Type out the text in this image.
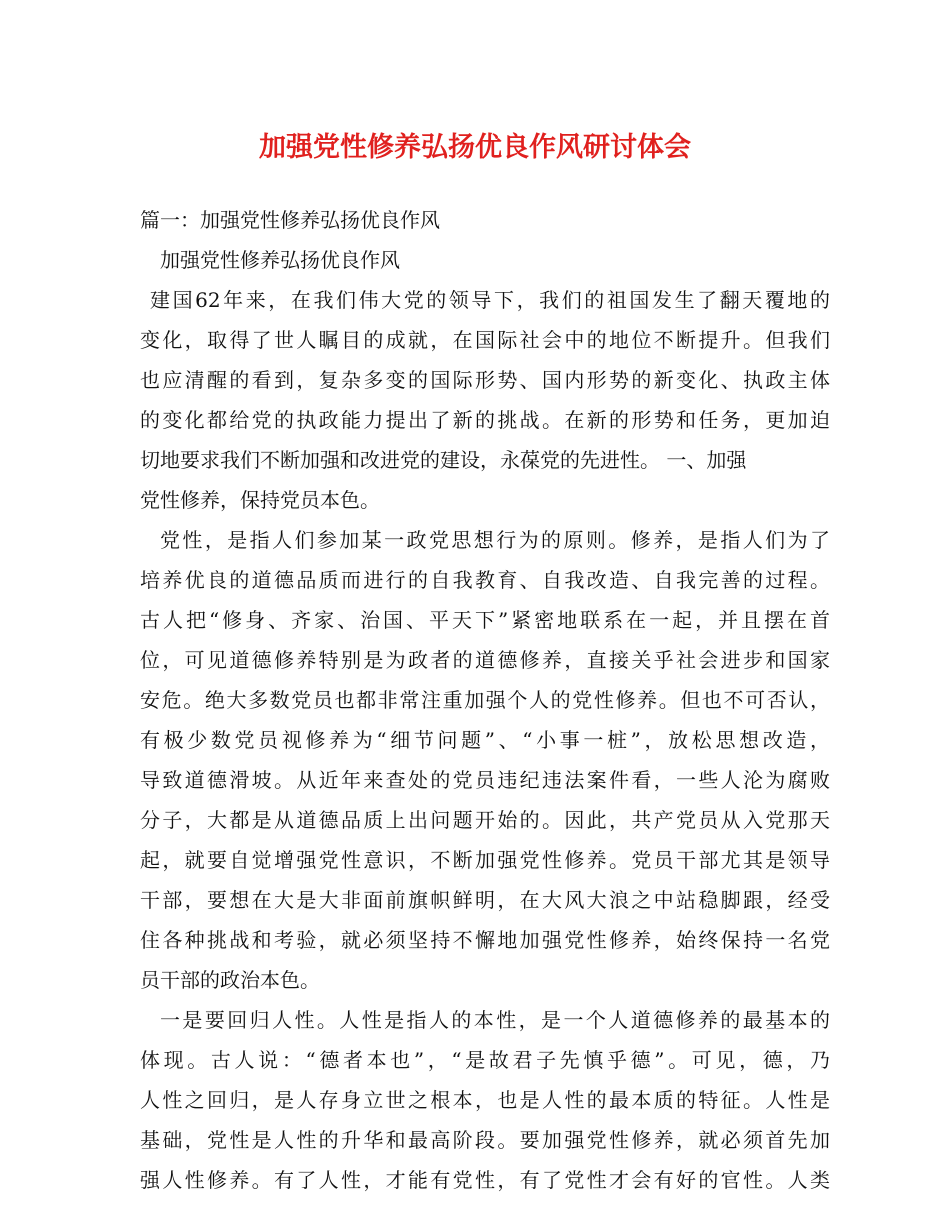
加强党性修养弘扬优良作风研讨体会

篇一：加强党性修养弘扬优良作风

加强党性修养弘扬优良作风

建国62年来，在我们伟大党的领导下，我们的祖国发生了翻天覆地的

变化，取得了世人瞩目的成就，在国际社会中的地位不断提升。但我们

也应清醒的看到，复杂多变的国际形势、国内形势的新变化、执政主体

的变化都给党的执政能力提出了新的挑战。在新的形势和任务，更加迫

切地要求我们不断加强和改进党的建设，永葆党的先进性。 一、加强

党性修养，保持党员本色。

党性，是指人们参加某一政党思想行为的原则。修养，是指人们为了

培养优良的道德品质而进行的自我教育、自我改造、自我完善的过程。

古人把“修身、齐家、治国、平天下”紧密地联系在一起，并且摆在首

位，可见道德修养特别是为政者的道德修养，直接关乎社会进步和国家

安危。绝大多数党员也都非常注重加强个人的党性修养。但也不可否认，

有极少数党员视修养为“细节问题”、“小事一桩”，放松思想改造，

导致道德滑坡。从近年来查处的党员违纪违法案件看，一些人沦为腐败

分子，大都是从道德品质上出问题开始的。因此，共产党员从入党那天

起，就要自觉增强党性意识，不断加强党性修养。党员干部尤其是领导

干部，要想在大是大非面前旗帜鲜明，在大风大浪之中站稳脚跟，经受

住各种挑战和考验，就必须坚持不懈地加强党性修养，始终保持一名党

员干部的政治本色。

一是要回归人性。人性是指人的本性，是一个人道德修养的最基本的

体现。古人说：“德者本也”，“是故君子先慎乎德”。可见，德，乃

人性之回归，是人存身立世之根本，也是人性的最本质的特征。人性是

基础，党性是人性的升华和最高阶段。要加强党性修养，就必须首先加

强人性修养。有了人性，才能有党性，有了党性才会有好的官性。人类
